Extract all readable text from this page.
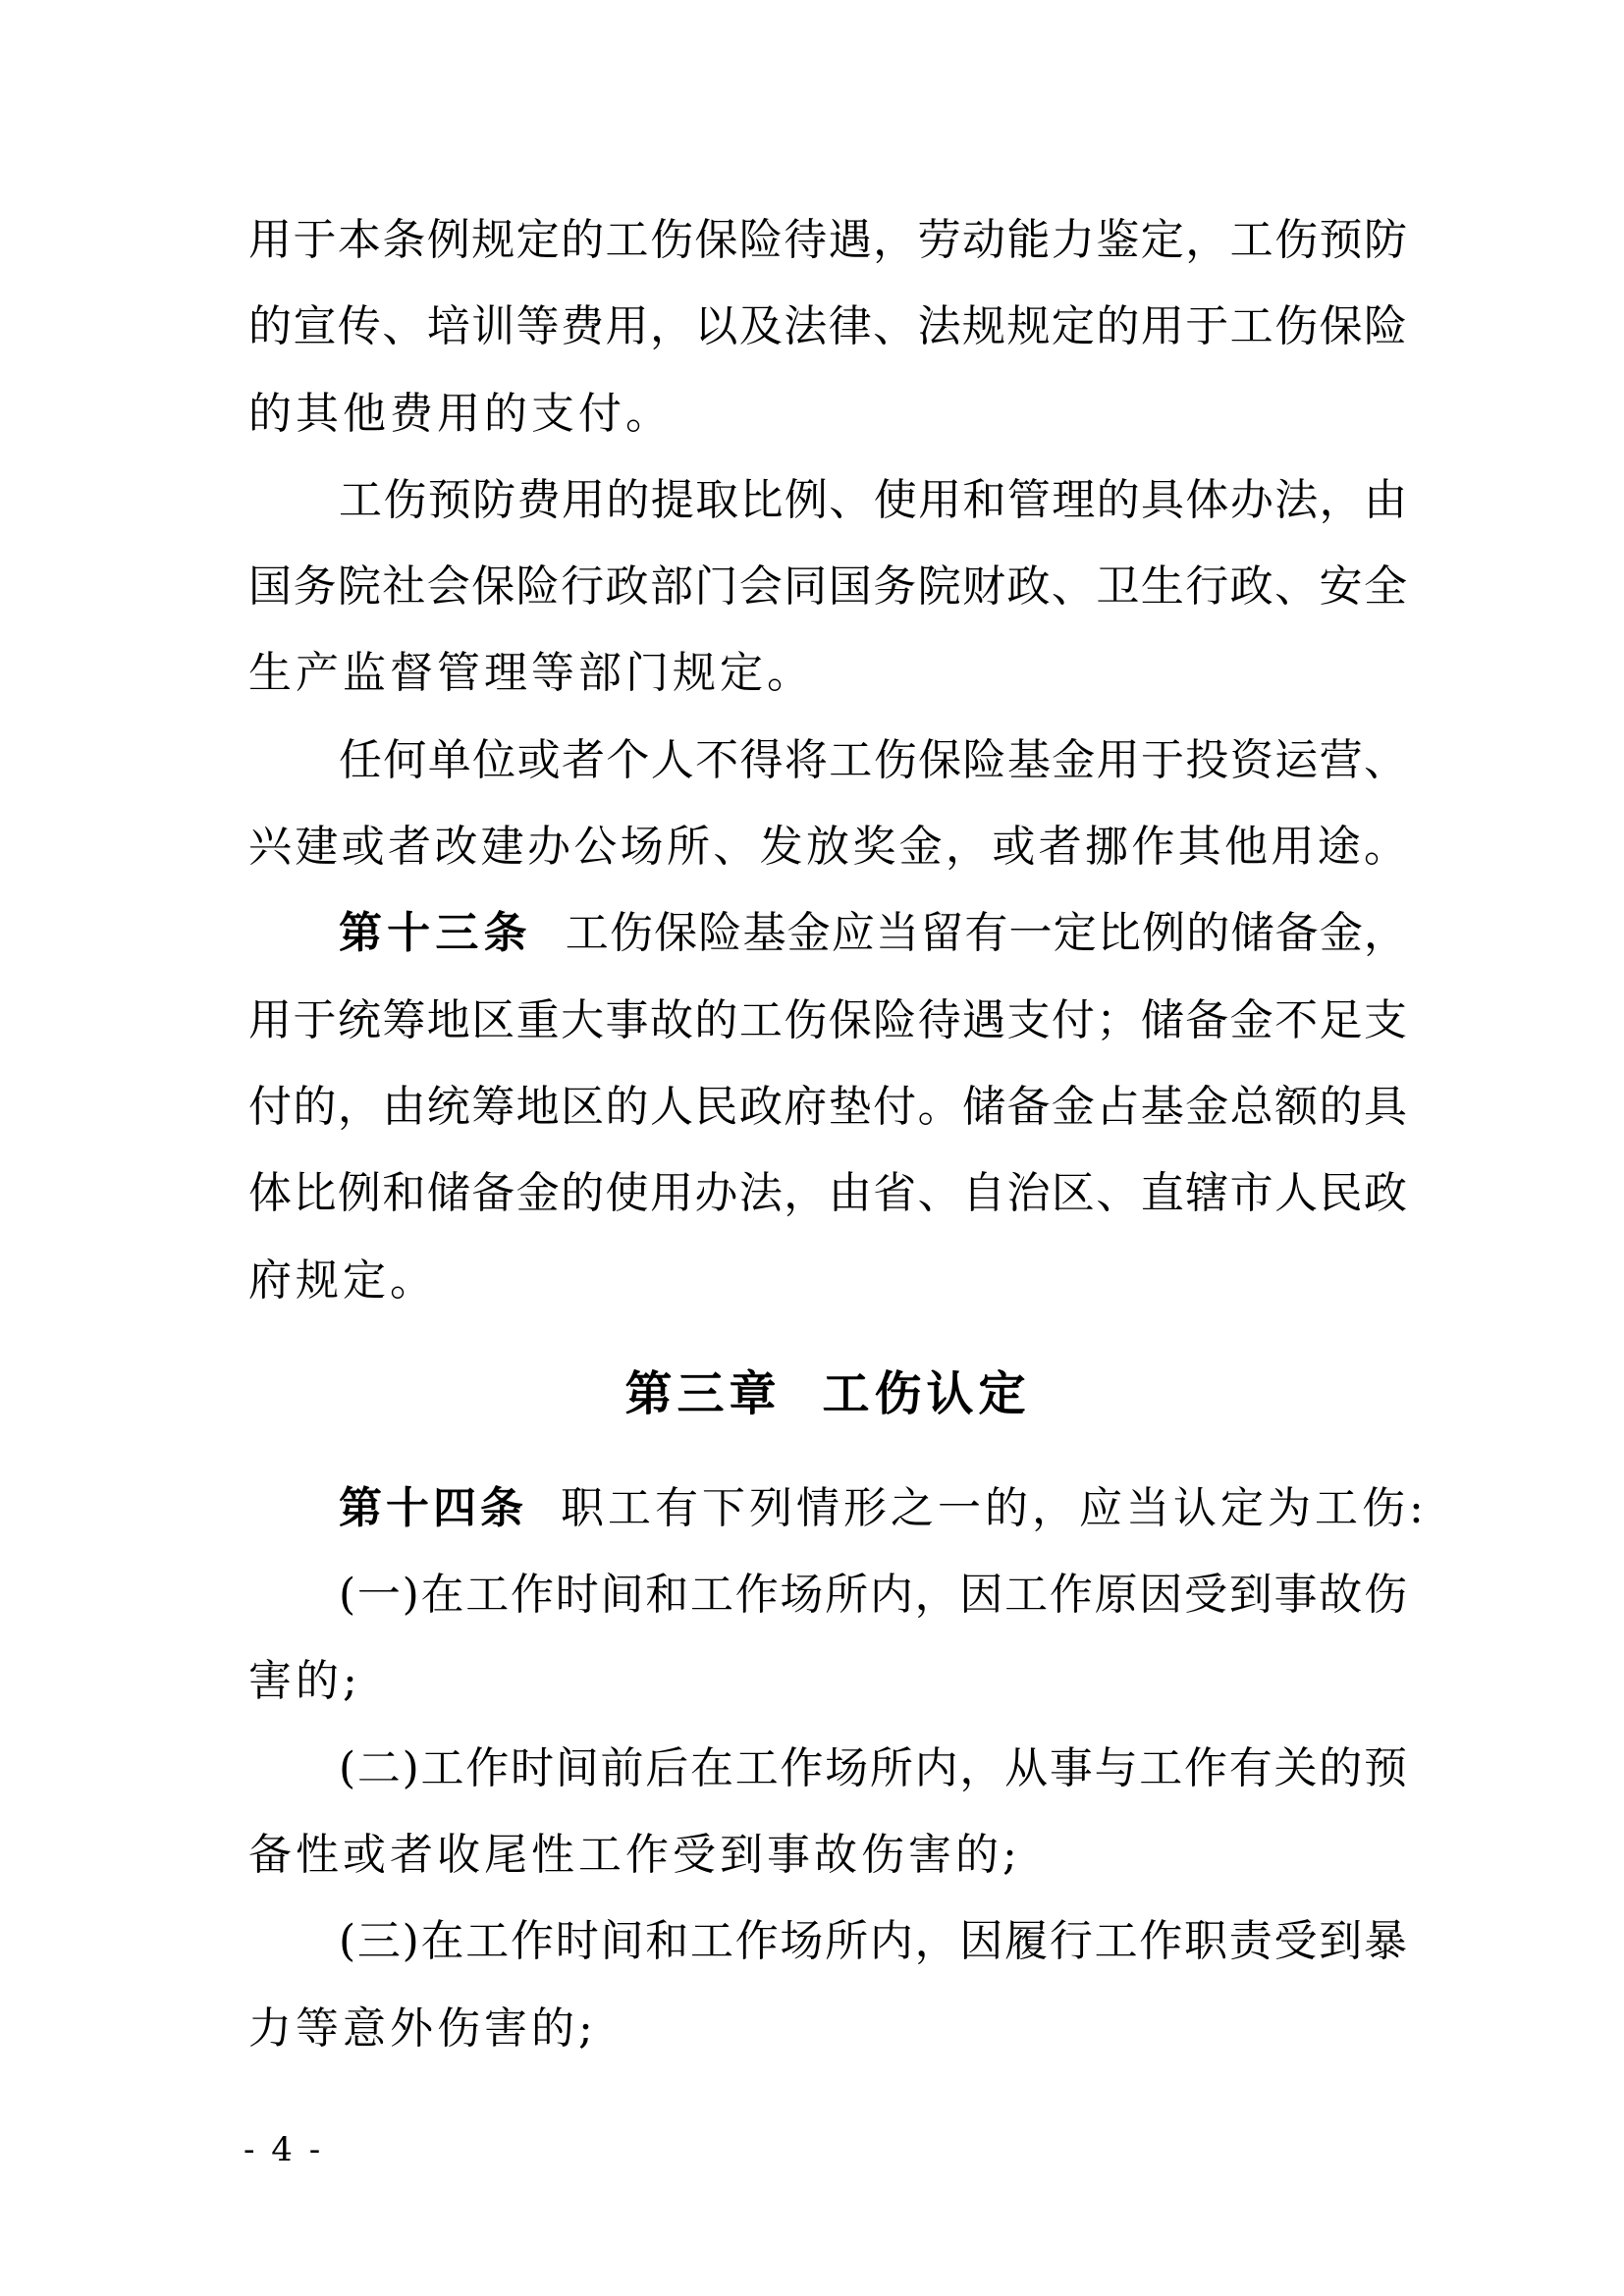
用于本条例规定的工伤保险待遇，劳动能力鉴定，工伤预防
的宣传、培训等费用，以及法律、法规规定的用于工伤保险
的其他费用的支付。
工伤预防费用的提取比例、使用和管理的具体办法，由
国务院社会保险行政部门会同国务院财政、卫生行政、安全
生产监督管理等部门规定。
任何单位或者个人不得将工伤保险基金用于投资运营、
兴建或者改建办公场所、发放奖金，或者挪作其他用途。
第十三条 工伤保险基金应当留有一定比例的储备金，
用于统筹地区重大事故的工伤保险待遇支付；储备金不足支
付的，由统筹地区的人民政府垫付。储备金占基金总额的具
体比例和储备金的使用办法，由省、自治区、直辖市人民政
府规定。
第三章 工伤认定
第十四条 职工有下列情形之一的，应当认定为工伤:
(一)在工作时间和工作场所内，因工作原因受到事故伤
害的;
(二)工作时间前后在工作场所内，从事与工作有关的预
备性或者收尾性工作受到事故伤害的;
(三)在工作时间和工作场所内，因履行工作职责受到暴
力等意外伤害的;
- 4 -
